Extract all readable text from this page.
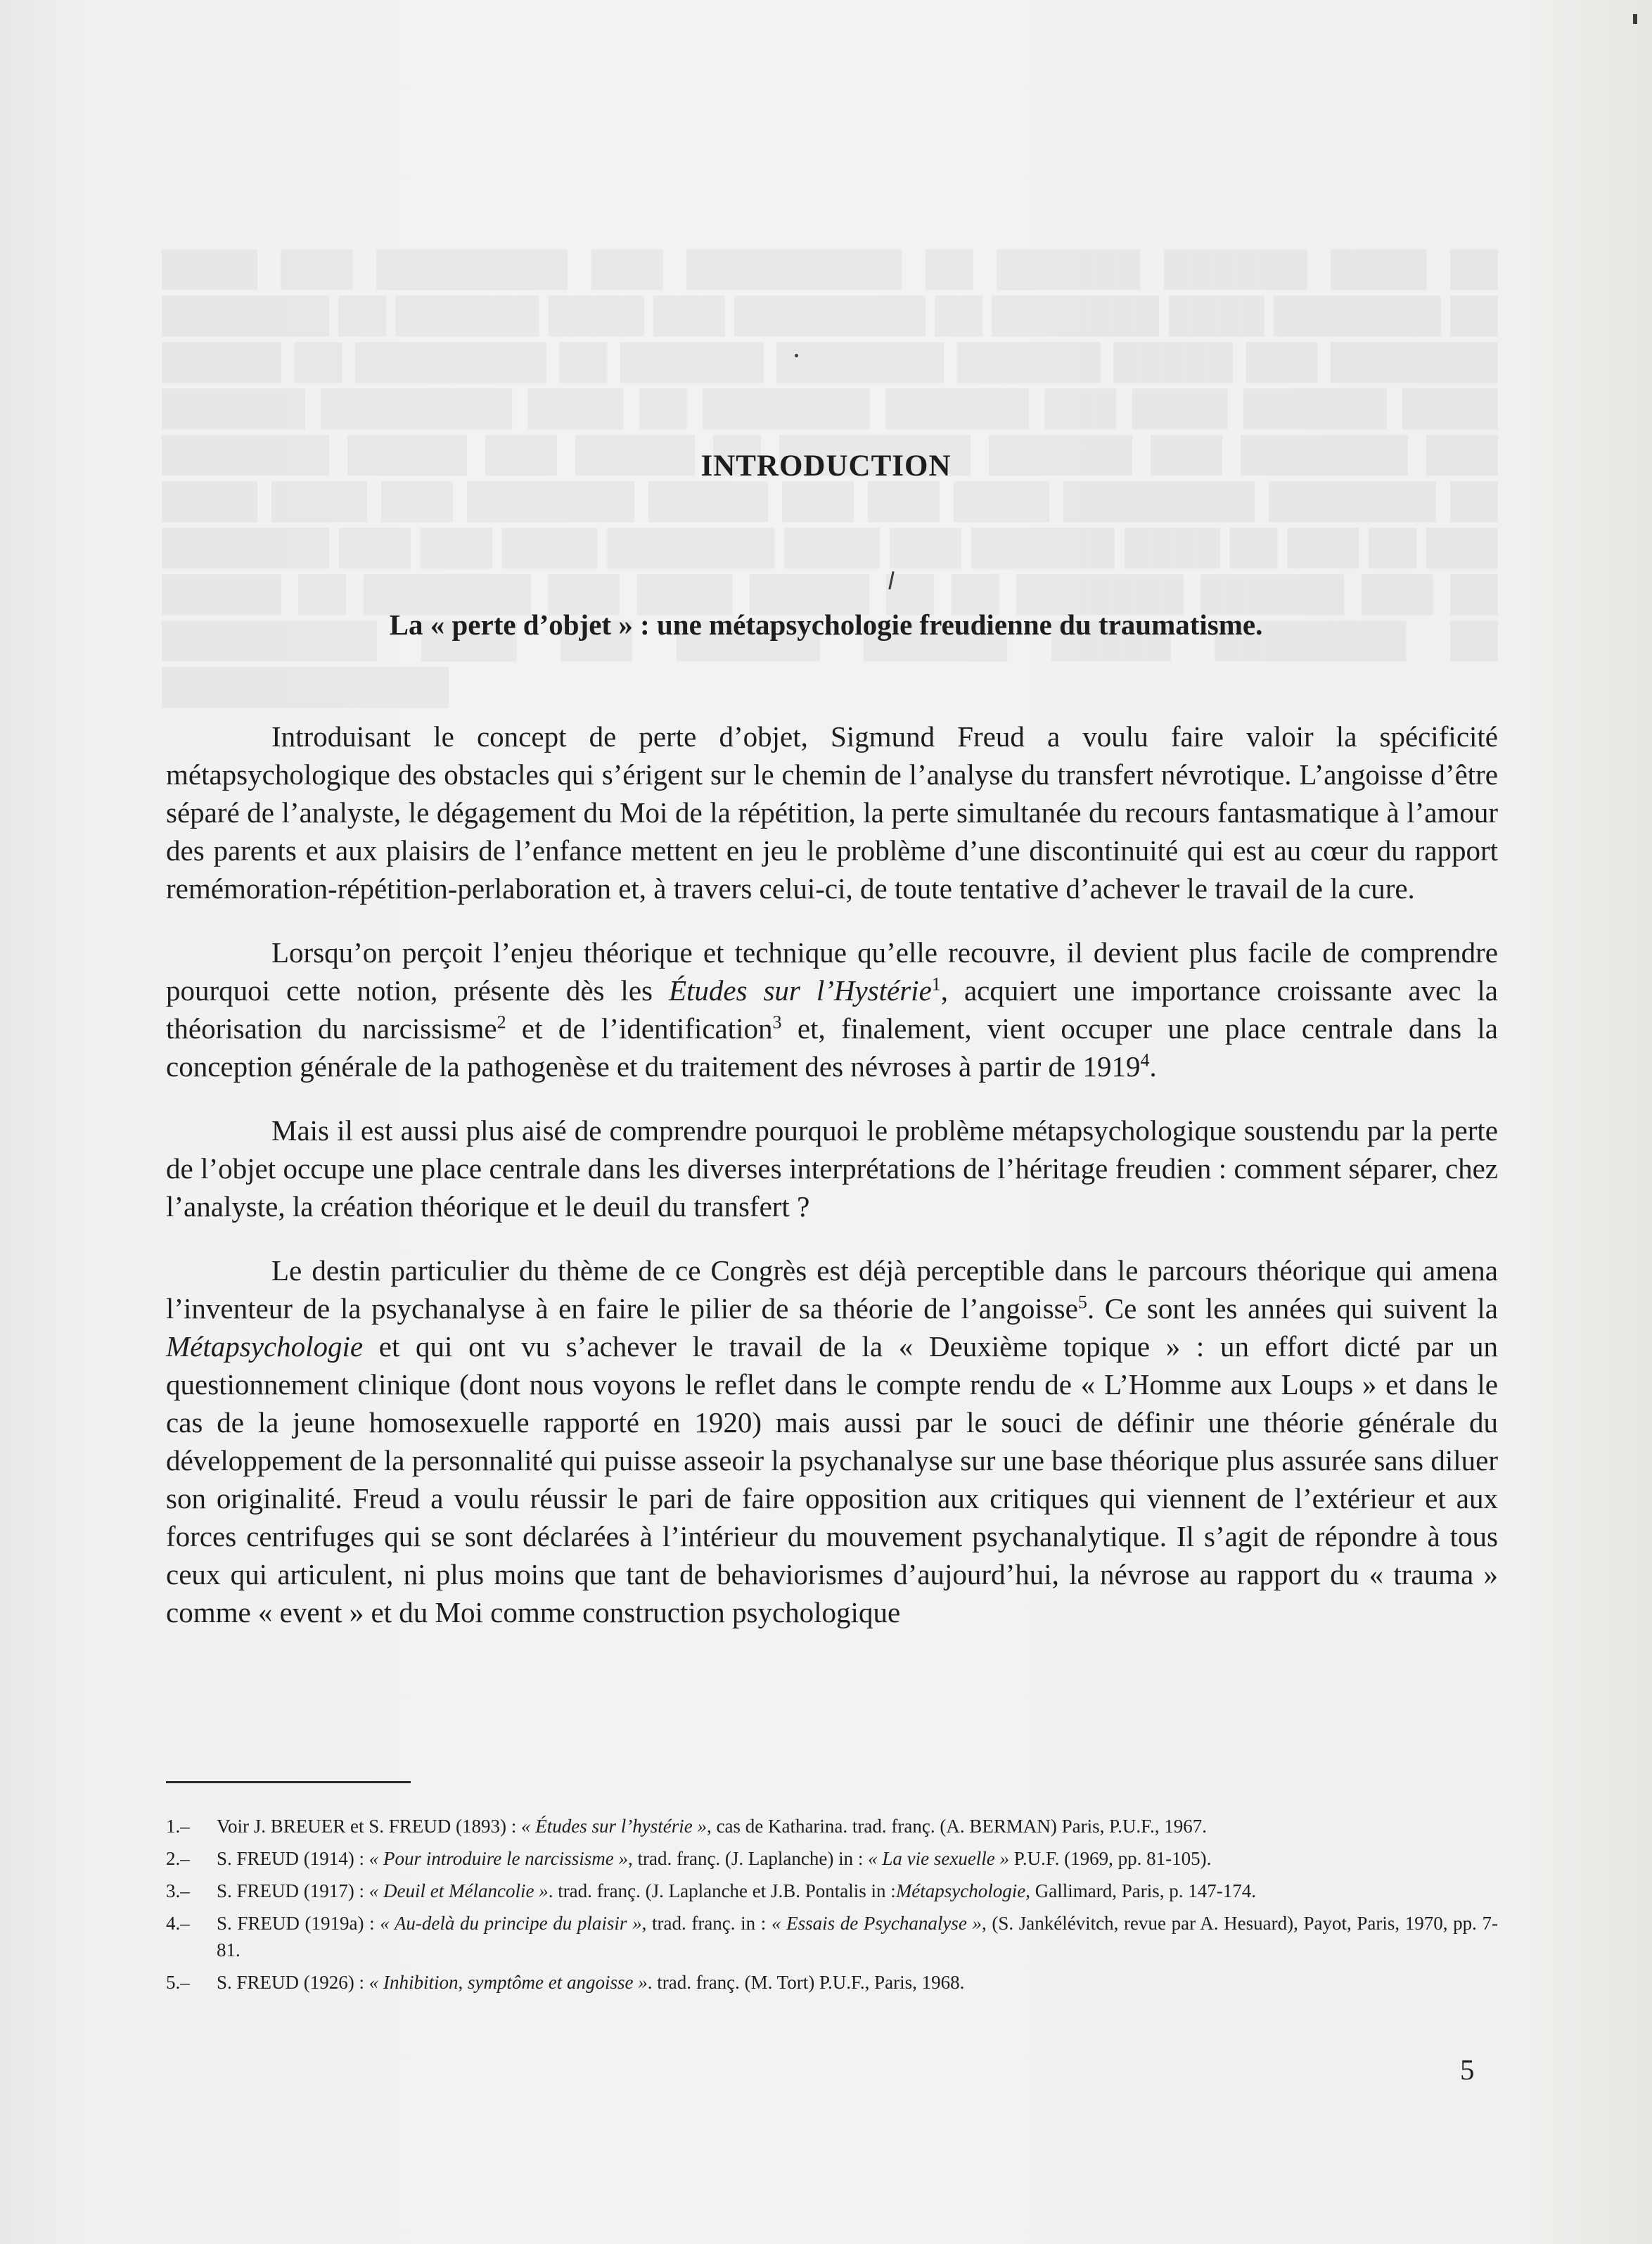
INTRODUCTION
La « perte d’objet » : une métapsychologie freudienne du traumatisme.

Introduisant le concept de perte d’objet, Sigmund Freud a voulu faire valoir la spécificité métapsychologique des obstacles qui s’érigent sur le chemin de l’analyse du transfert névrotique. L’angoisse d’être séparé de l’analyste, le dégagement du Moi de la répétition, la perte simultanée du recours fantasmatique à l’amour des parents et aux plaisirs de l’enfance mettent en jeu le problème d’une discontinuité qui est au cœur du rapport remémoration-répétition-perlaboration et, à travers celui-ci, de toute tentative d’achever le travail de la cure.

Lorsqu’on perçoit l’enjeu théorique et technique qu’elle recouvre, il devient plus facile de comprendre pourquoi cette notion, présente dès les Études sur l’Hystérie$^1$, acquiert une importance croissante avec la théorisation du narcissisme$^2$ et de l’identification$^3$ et, finalement, vient occuper une place centrale dans la conception générale de la pathogenèse et du traitement des névroses à partir de 1919$^4$.

Mais il est aussi plus aisé de comprendre pourquoi le problème métapsychologique soustendu par la perte de l’objet occupe une place centrale dans les diverses interprétations de l’héritage freudien : comment séparer, chez l’analyste, la création théorique et le deuil du transfert ?

Le destin particulier du thème de ce Congrès est déjà perceptible dans le parcours théorique qui amena l’inventeur de la psychanalyse à en faire le pilier de sa théorie de l’angoisse$^5$. Ce sont les années qui suivent la Métapsychologie et qui ont vu s’achever le travail de la « Deuxième topique » : un effort dicté par un questionnement clinique (dont nous voyons le reflet dans le compte rendu de « L’Homme aux Loups » et dans le cas de la jeune homosexuelle rapporté en 1920) mais aussi par le souci de définir une théorie générale du développement de la personnalité qui puisse asseoir la psychanalyse sur une base théorique plus assurée sans diluer son originalité. Freud a voulu réussir le pari de faire opposition aux critiques qui viennent de l’extérieur et aux forces centrifuges qui se sont déclarées à l’intérieur du mouvement psychanalytique. Il s’agit de répondre à tous ceux qui articulent, ni plus moins que tant de behaviorismes d’aujourd’hui, la névrose au rapport du « trauma » comme « event » et du Moi comme construction psychologique

1.–	Voir J. BREUER et S. FREUD (1893) : « Études sur l’hystérie », cas de Katharina. trad. franç. (A. BERMAN) Paris, P.U.F., 1967.
2.–	S. FREUD (1914) : « Pour introduire le narcissisme », trad. franç. (J. Laplanche) in : « La vie sexuelle » P.U.F. (1969, pp. 81-105).
3.–	S. FREUD (1917) : « Deuil et Mélancolie ». trad. franç. (J. Laplanche et J.B. Pontalis in :Métapsychologie, Gallimard, Paris, p. 147-174.
4.–	S. FREUD (1919a) : « Au-delà du principe du plaisir », trad. franç. in : « Essais de Psychanalyse », (S. Jankélévitch, revue par A. Hesuard), Payot, Paris, 1970, pp. 7-81.
5.–	S. FREUD (1926) : « Inhibition, symptôme et angoisse ». trad. franç. (M. Tort) P.U.F., Paris, 1968.
5
